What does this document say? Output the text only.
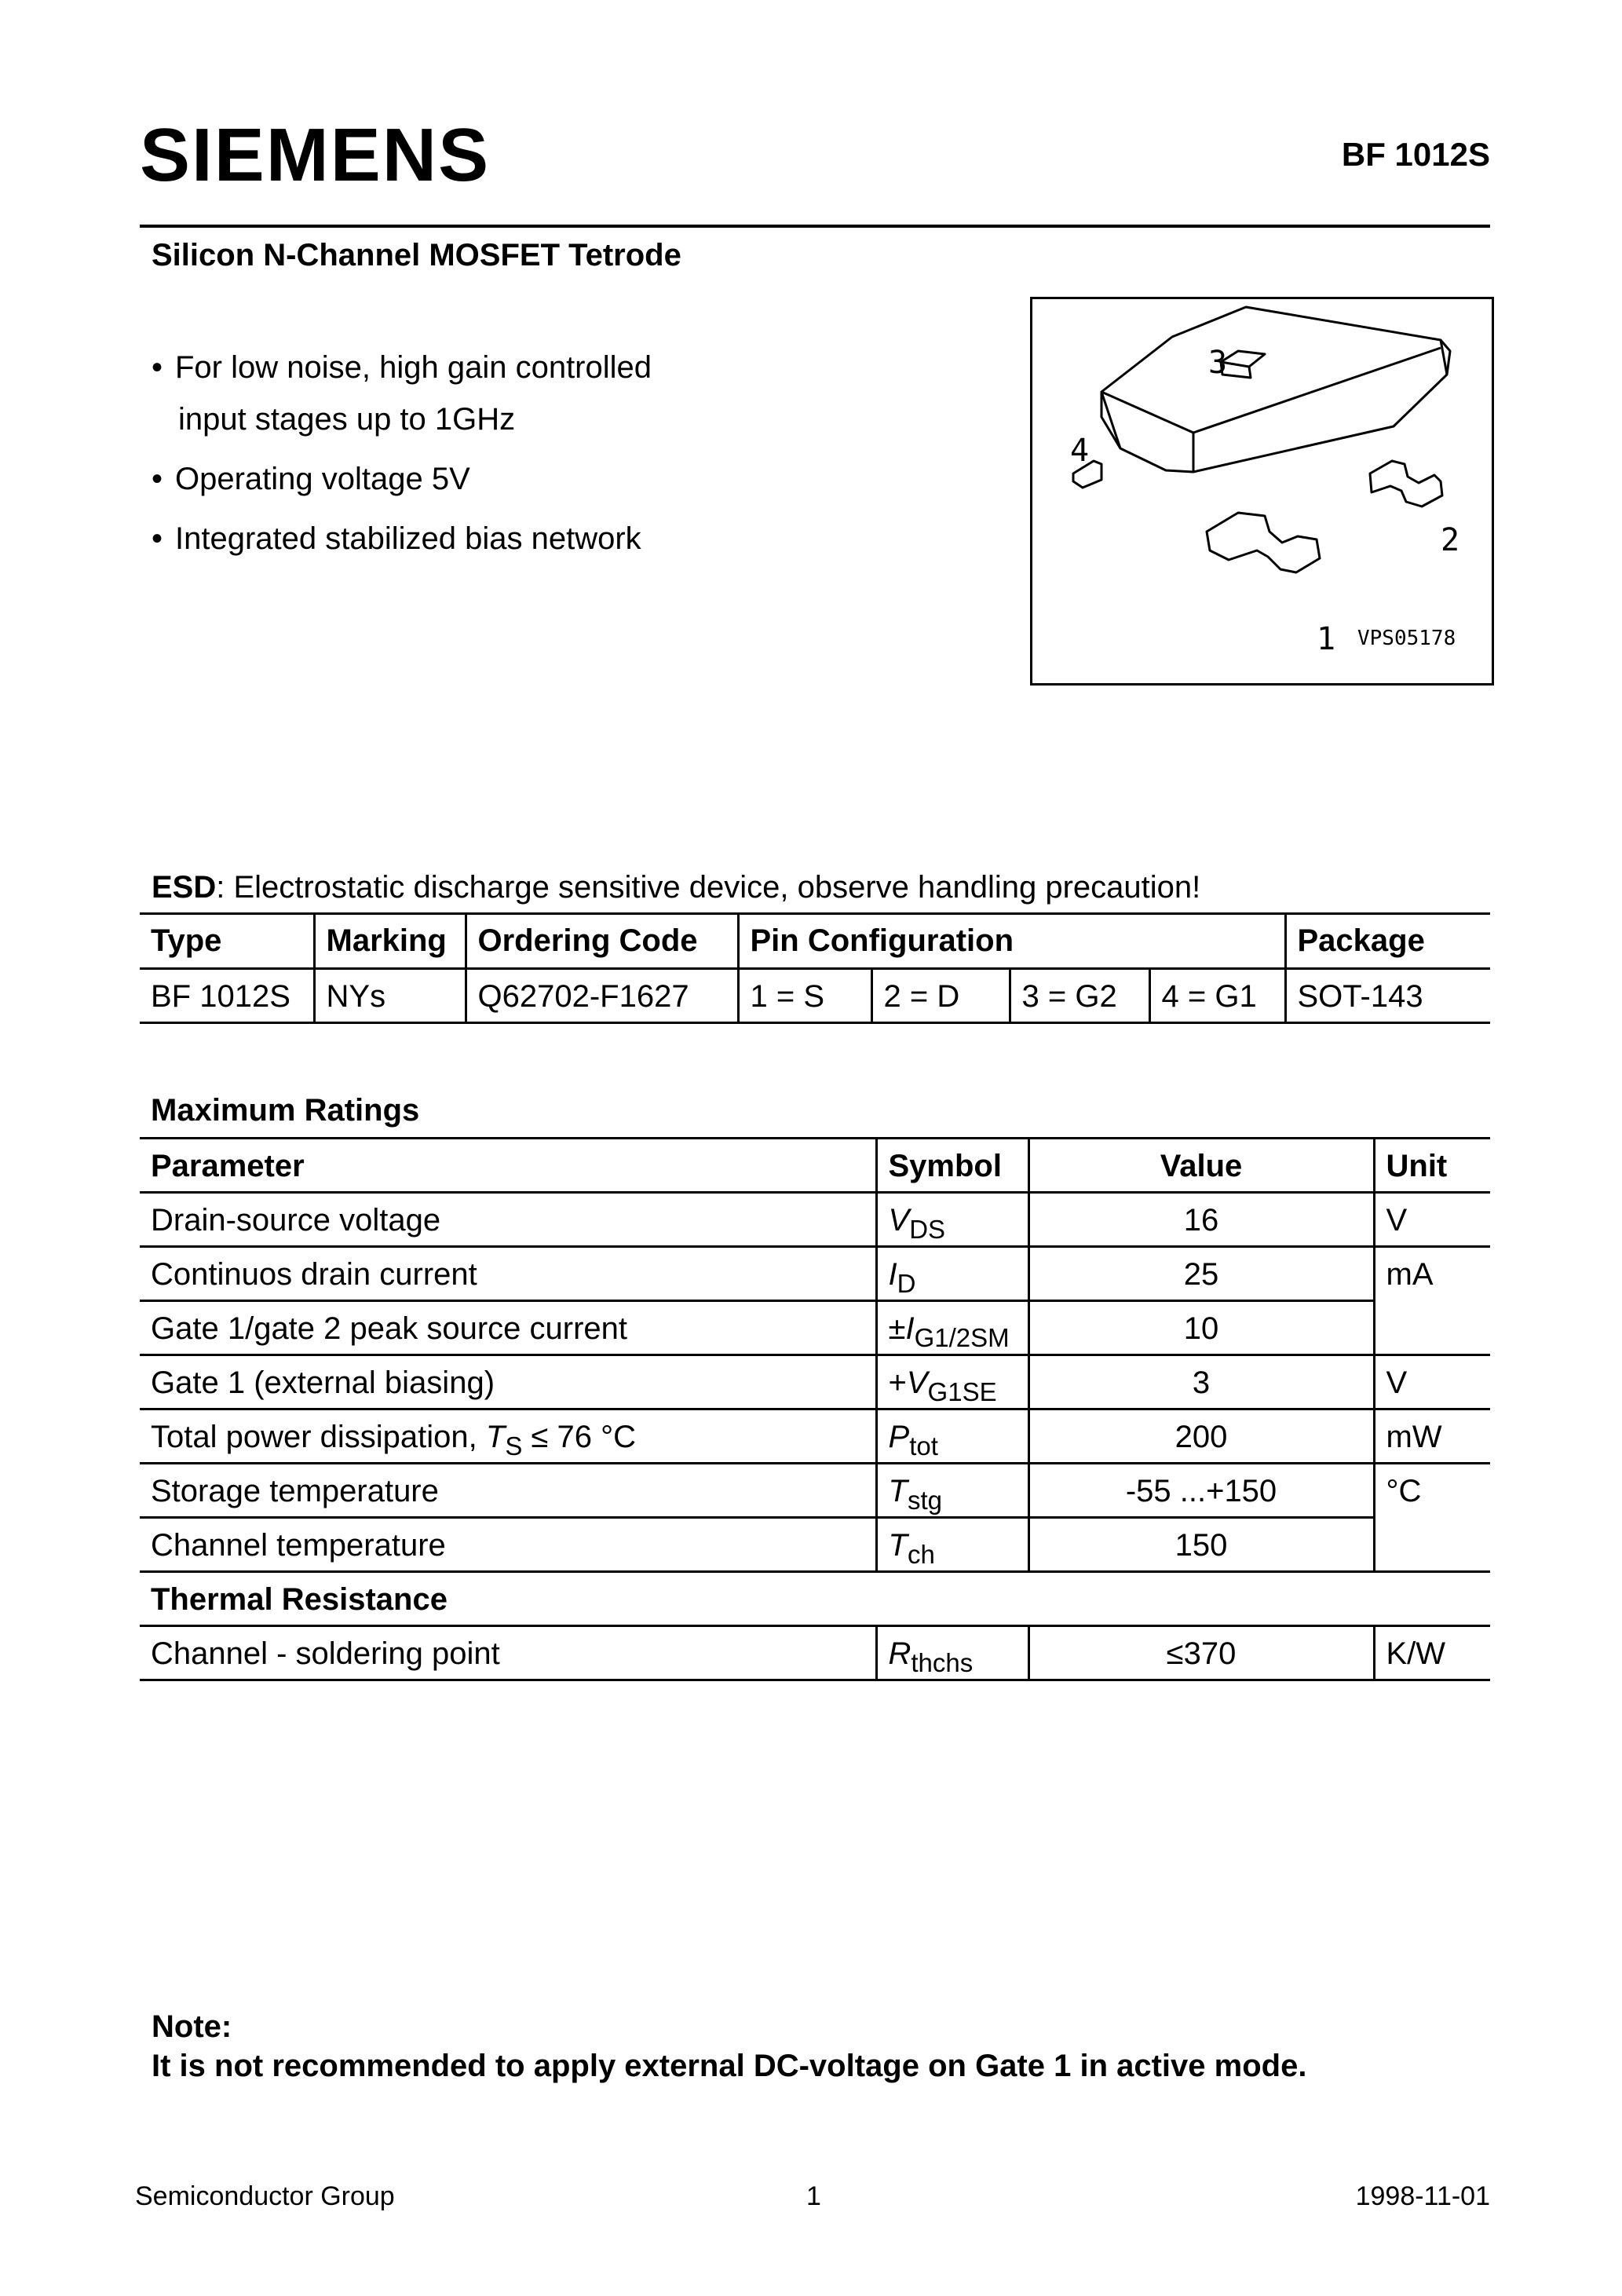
SIEMENS	BF 1012S
Silicon N-Channel MOSFET Tetrode
• For low noise, high gain controlled
input stages up to 1GHz
• Operating voltage 5V
• Integrated stabilized bias network
3
4
2
1 VPS05178
ESD: Electrostatic discharge sensitive device, observe handling precaution!
Type	Marking	Ordering Code	Pin Configuration				Package
BF 1012S	NYs	Q62702-F1627	1 = S	2 = D	3 = G2	4 = G1	SOT-143
Maximum Ratings			
Parameter	Symbol	Value	Unit
Drain-source voltage	$V_{DS}$	16	V
Continuos drain current	$I_D$	25	mA
Gate 1/gate 2 peak source current	$\pm I_{G1/2SM}$	10	
Gate 1 (external biasing)	$+V_{G1SE}$	3	V
Total power dissipation, $T_S \le 76$ °C	$P_{tot}$	200	mW
Storage temperature	$T_{stg}$	-55 ...+150	°C
Channel temperature	$T_{ch}$	150	
Thermal Resistance			
Channel - soldering point	$R_{thchs}$	≤370	K/W
Note:
It is not recommended to apply external DC-voltage on Gate 1 in active mode.
Semiconductor Group	1	1998-11-01
